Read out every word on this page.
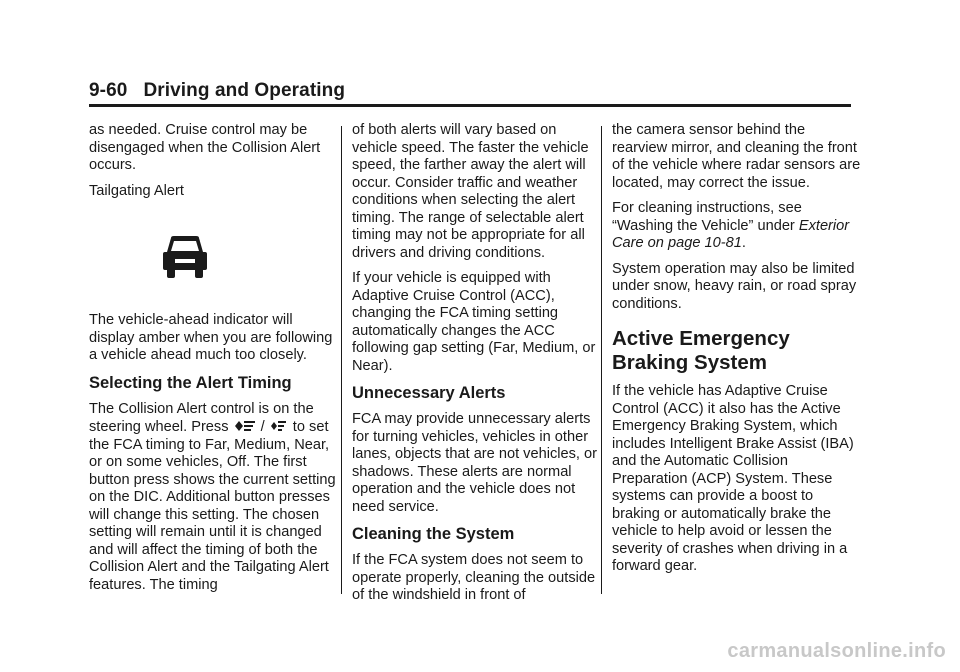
9-60 Driving and Operating

as needed. Cruise control may be disengaged when the Collision Alert occurs.

Tailgating Alert

The vehicle-ahead indicator will display amber when you are following a vehicle ahead much too closely.

Selecting the Alert Timing

The Collision Alert control is on the steering wheel. Press  /  to set the FCA timing to Far, Medium, Near, or on some vehicles, Off. The first button press shows the current setting on the DIC. Additional button presses will change this setting. The chosen setting will remain until it is changed and will affect the timing of both the Collision Alert and the Tailgating Alert features. The timing

of both alerts will vary based on vehicle speed. The faster the vehicle speed, the farther away the alert will occur. Consider traffic and weather conditions when selecting the alert timing. The range of selectable alert timing may not be appropriate for all drivers and driving conditions.

If your vehicle is equipped with Adaptive Cruise Control (ACC), changing the FCA timing setting automatically changes the ACC following gap setting (Far, Medium, or Near).

Unnecessary Alerts

FCA may provide unnecessary alerts for turning vehicles, vehicles in other lanes, objects that are not vehicles, or shadows. These alerts are normal operation and the vehicle does not need service.

Cleaning the System

If the FCA system does not seem to operate properly, cleaning the outside of the windshield in front of

the camera sensor behind the rearview mirror, and cleaning the front of the vehicle where radar sensors are located, may correct the issue.

For cleaning instructions, see “Washing the Vehicle” under Exterior Care on page 10-81.

System operation may also be limited under snow, heavy rain, or road spray conditions.

Active Emergency Braking System

If the vehicle has Adaptive Cruise Control (ACC) it also has the Active Emergency Braking System, which includes Intelligent Brake Assist (IBA) and the Automatic Collision Preparation (ACP) System. These systems can provide a boost to braking or automatically brake the vehicle to help avoid or lessen the severity of crashes when driving in a forward gear.

carmanualsonline.info
